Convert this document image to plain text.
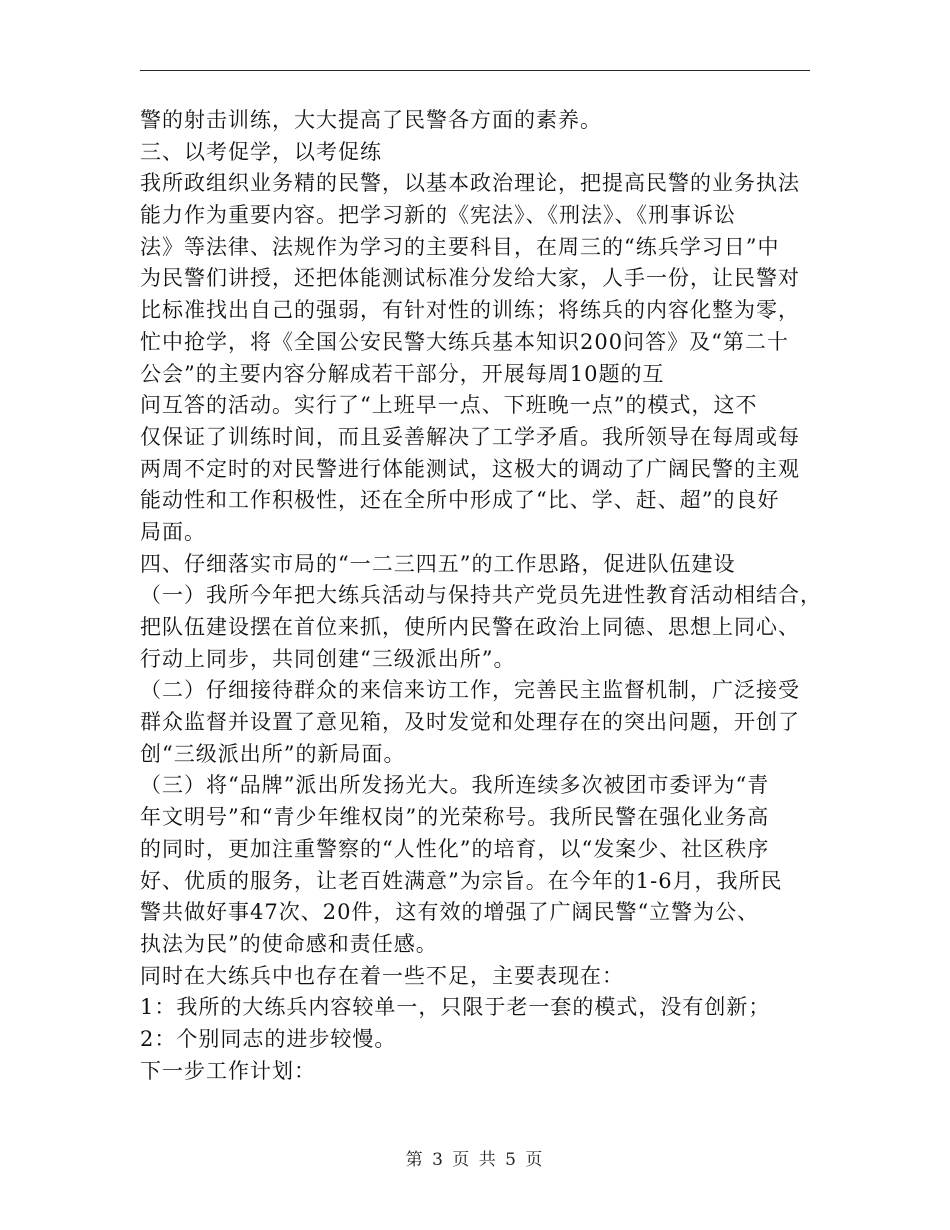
警的射击训练，大大提高了民警各方面的素养。
三、以考促学，以考促练
我所政组织业务精的民警，以基本政治理论，把提高民警的业务执法
能力作为重要内容。把学习新的《宪法》、《刑法》、《刑事诉讼
法》等法律、法规作为学习的主要科目，在周三的“练兵学习日”中
为民警们讲授，还把体能测试标准分发给大家，人手一份，让民警对
比标准找出自己的强弱，有针对性的训练；将练兵的内容化整为零，
忙中抢学，将《全国公安民警大练兵基本知识200问答》及“第二十
公会”的主要内容分解成若干部分，开展每周10题的互
问互答的活动。实行了“上班早一点、下班晚一点”的模式，这不
仅保证了训练时间，而且妥善解决了工学矛盾。我所领导在每周或每
两周不定时的对民警进行体能测试，这极大的调动了广阔民警的主观
能动性和工作积极性，还在全所中形成了“比、学、赶、超”的良好
局面。
四、仔细落实市局的“一二三四五”的工作思路，促进队伍建设
（一）我所今年把大练兵活动与保持共产党员先进性教育活动相结合，
把队伍建设摆在首位来抓，使所内民警在政治上同德、思想上同心、
行动上同步，共同创建“三级派出所”。
（二）仔细接待群众的来信来访工作，完善民主监督机制，广泛接受
群众监督并设置了意见箱，及时发觉和处理存在的突出问题，开创了
创“三级派出所”的新局面。
（三）将“品牌”派出所发扬光大。我所连续多次被团市委评为“青
年文明号”和“青少年维权岗”的光荣称号。我所民警在强化业务高
的同时，更加注重警察的“人性化”的培育，以“发案少、社区秩序
好、优质的服务，让老百姓满意”为宗旨。在今年的1-6月，我所民
警共做好事47次、20件，这有效的增强了广阔民警“立警为公、
执法为民”的使命感和责任感。
同时在大练兵中也存在着一些不足，主要表现在：
1：我所的大练兵内容较单一，只限于老一套的模式，没有创新；
2：个别同志的进步较慢。
下一步工作计划：
第 3 页 共 5 页
